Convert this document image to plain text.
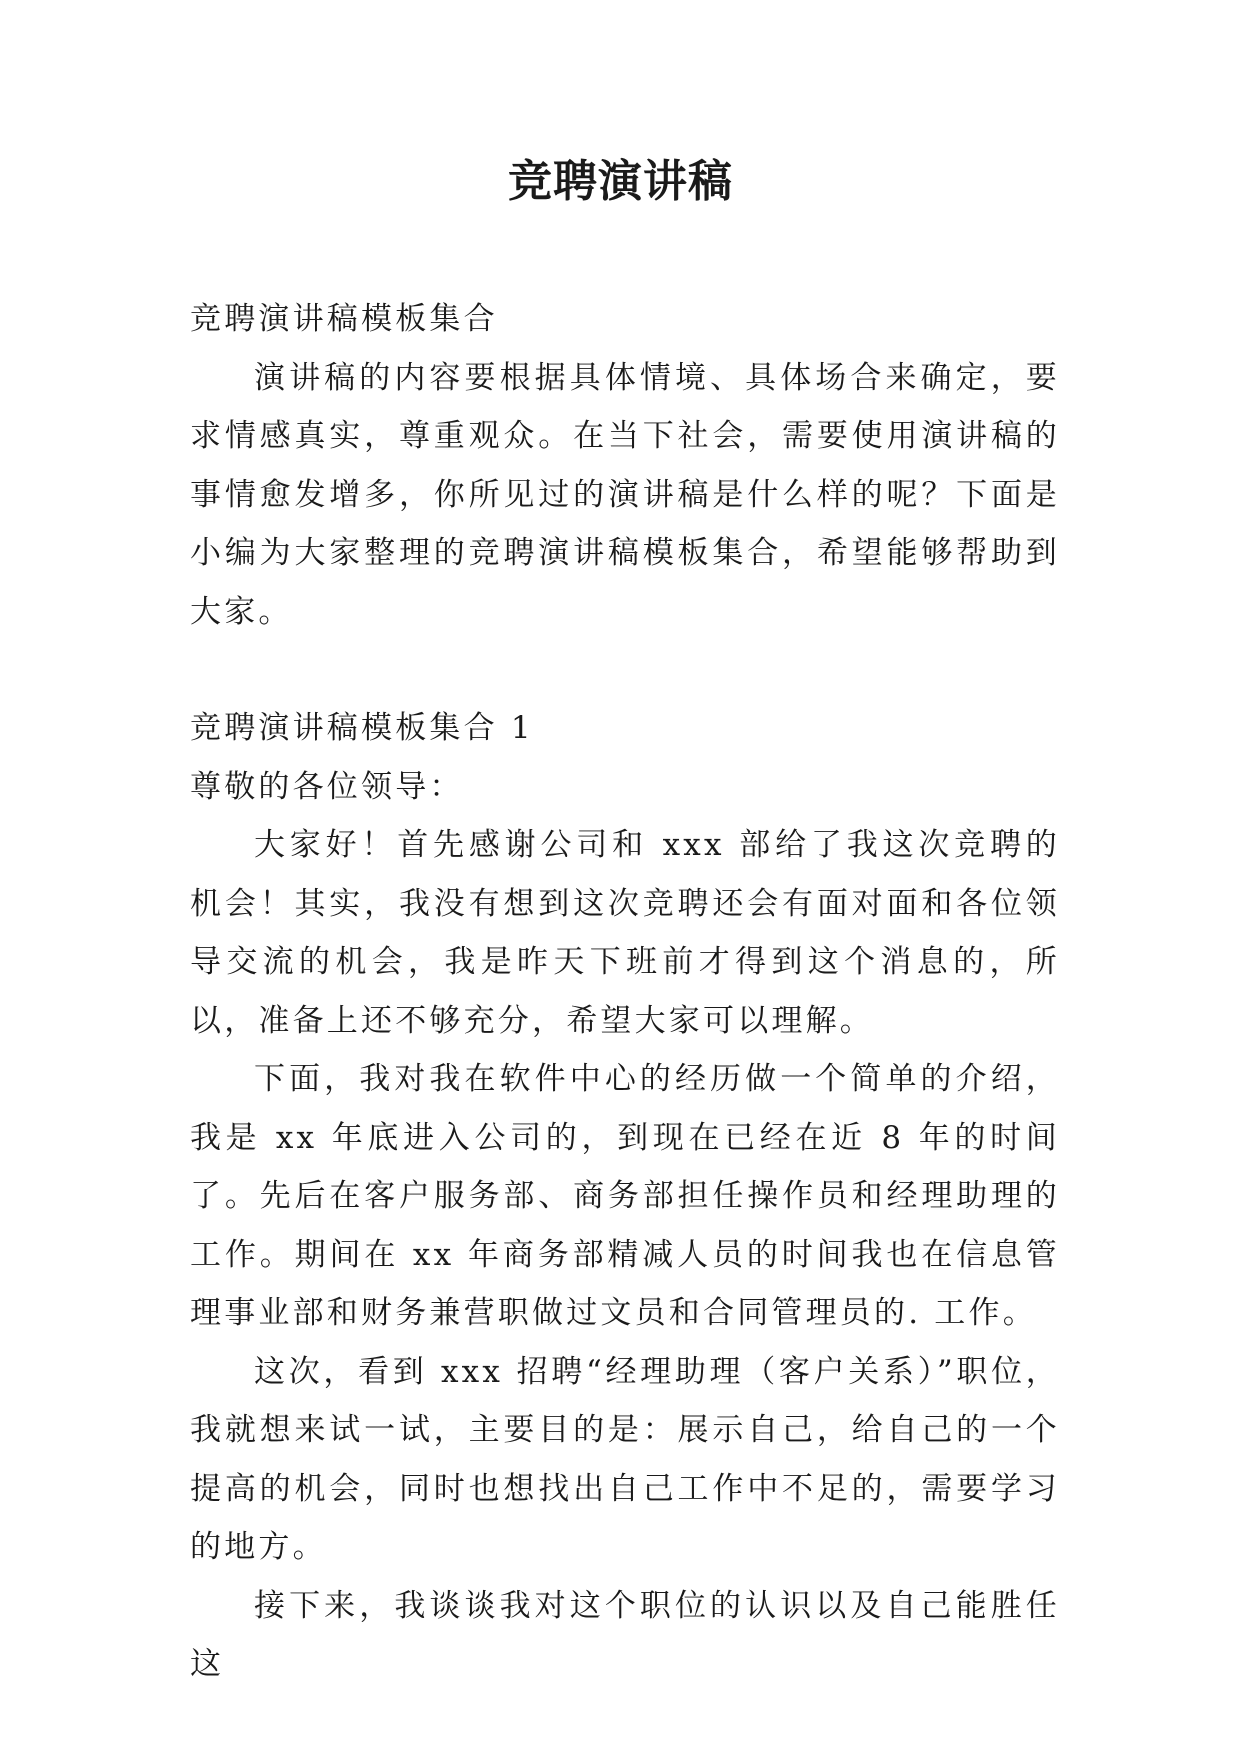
竞聘演讲稿
竞聘演讲稿模板集合
演讲稿的内容要根据具体情境、具体场合来确定，要求情感真实，尊重观众。在当下社会，需要使用演讲稿的事情愈发增多，你所见过的演讲稿是什么样的呢？下面是小编为大家整理的竞聘演讲稿模板集合，希望能够帮助到大家。
竞聘演讲稿模板集合 1
尊敬的各位领导：
大家好！首先感谢公司和 xxx 部给了我这次竞聘的机会！其实，我没有想到这次竞聘还会有面对面和各位领导交流的机会，我是昨天下班前才得到这个消息的，所以，准备上还不够充分，希望大家可以理解。
下面，我对我在软件中心的经历做一个简单的介绍，我是 xx 年底进入公司的，到现在已经在近 8 年的时间了。先后在客户服务部、商务部担任操作员和经理助理的工作。期间在 xx 年商务部精减人员的时间我也在信息管理事业部和财务兼营职做过文员和合同管理员的. 工作。
这次，看到 xxx 招聘“经理助理（客户关系）”职位，我就想来试一试，主要目的是：展示自己，给自己的一个提高的机会，同时也想找出自己工作中不足的，需要学习的地方。
接下来，我谈谈我对这个职位的认识以及自己能胜任这
